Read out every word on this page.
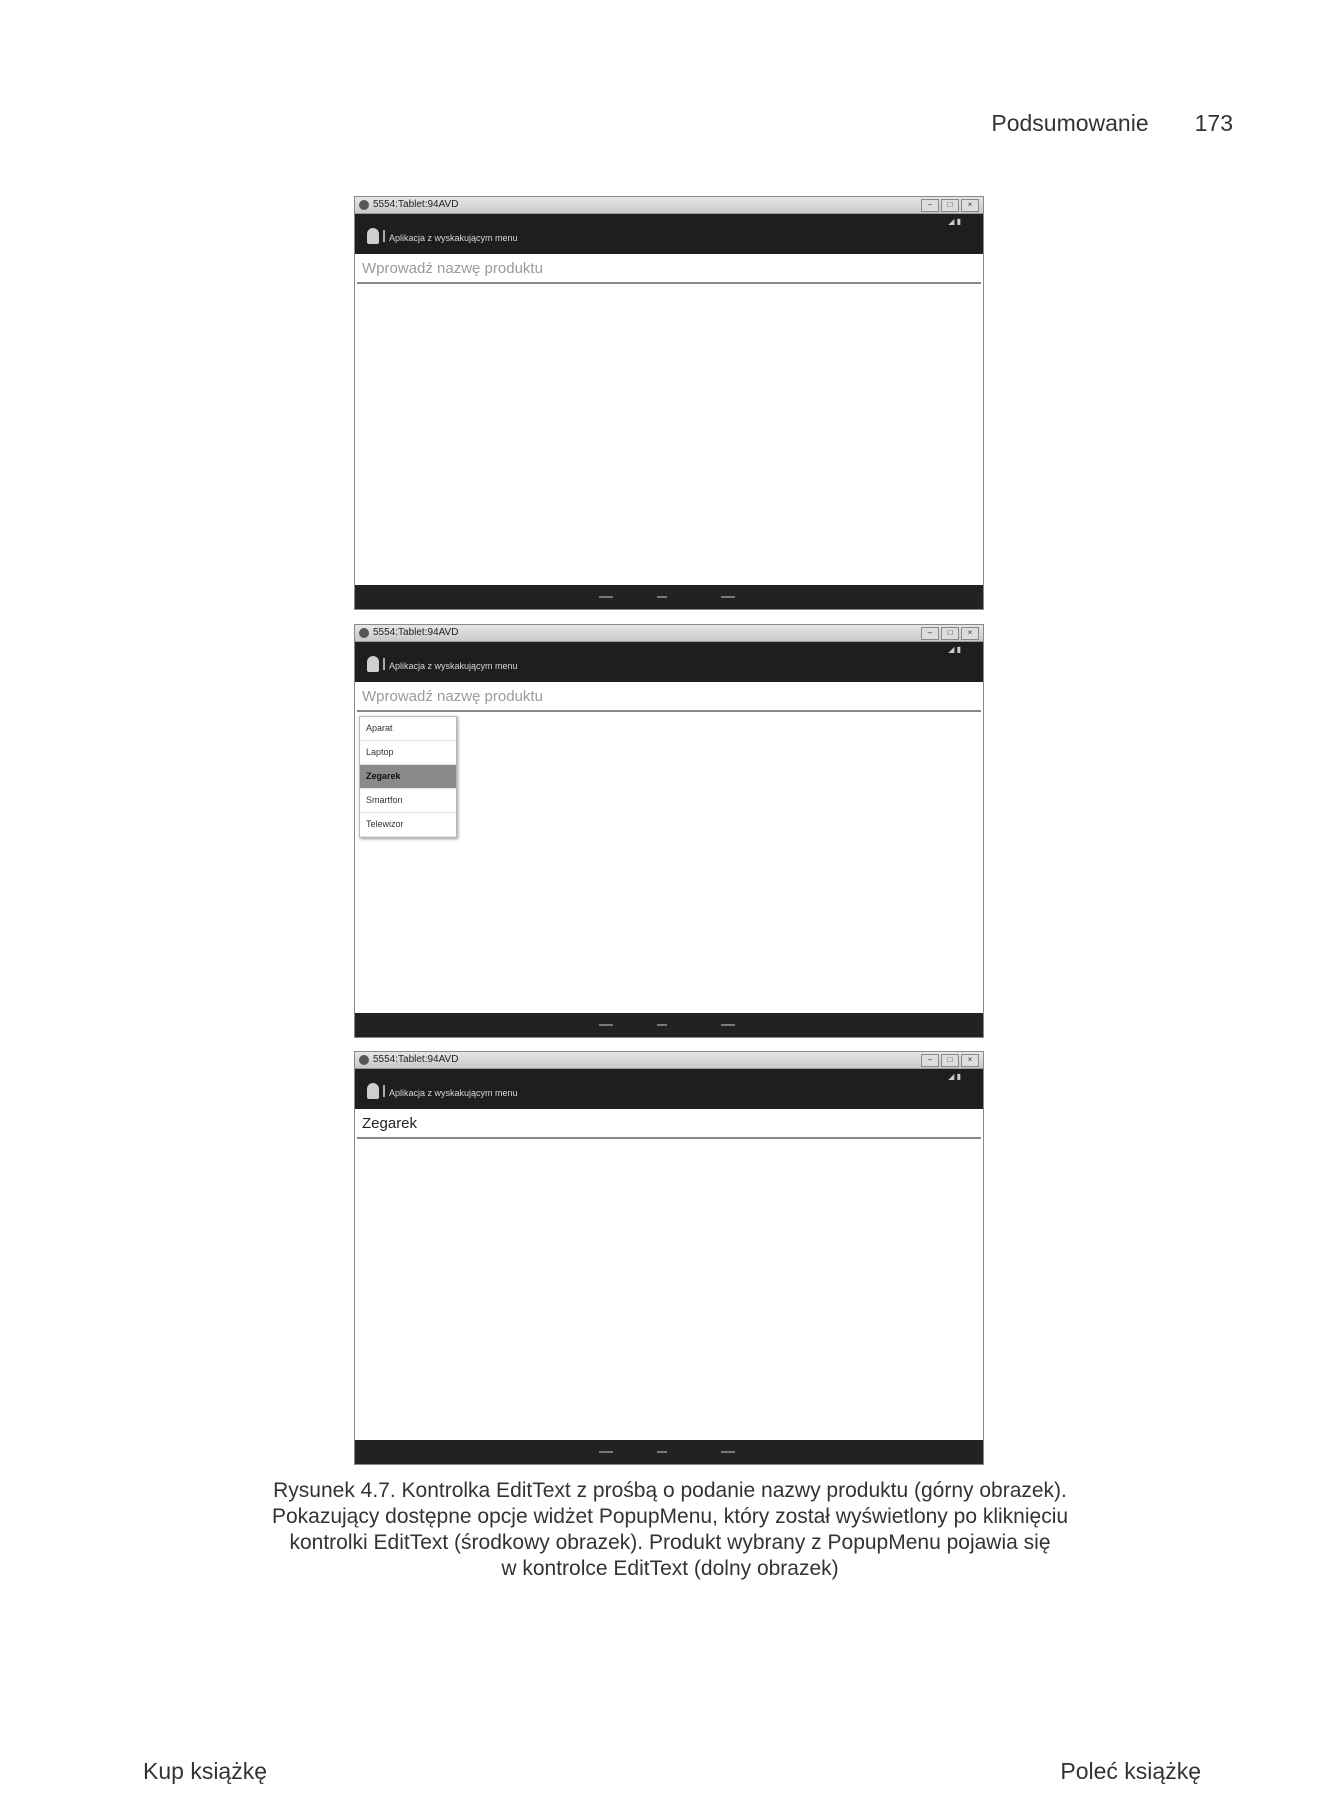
Podsumowanie 173
5554:Tablet:94AVD	–	□	×
Aplikacja z wyskakującym menu
◢ ▮
Wprowadź nazwę produktu
5554:Tablet:94AVD	–	□	×
Aplikacja z wyskakującym menu
◢ ▮
Wprowadź nazwę produktu
Aparat
Laptop
Zegarek
Smartfon
Telewizor
5554:Tablet:94AVD	–	□	×
Aplikacja z wyskakującym menu
◢ ▮
Zegarek
Rysunek 4.7. Kontrolka EditText z prośbą o podanie nazwy produktu (górny obrazek).
Pokazujący dostępne opcje widżet PopupMenu, który został wyświetlony po kliknięciu
kontrolki EditText (środkowy obrazek). Produkt wybrany z PopupMenu pojawia się
w kontrolce EditText (dolny obrazek)
Kup książkę	Poleć książkę
